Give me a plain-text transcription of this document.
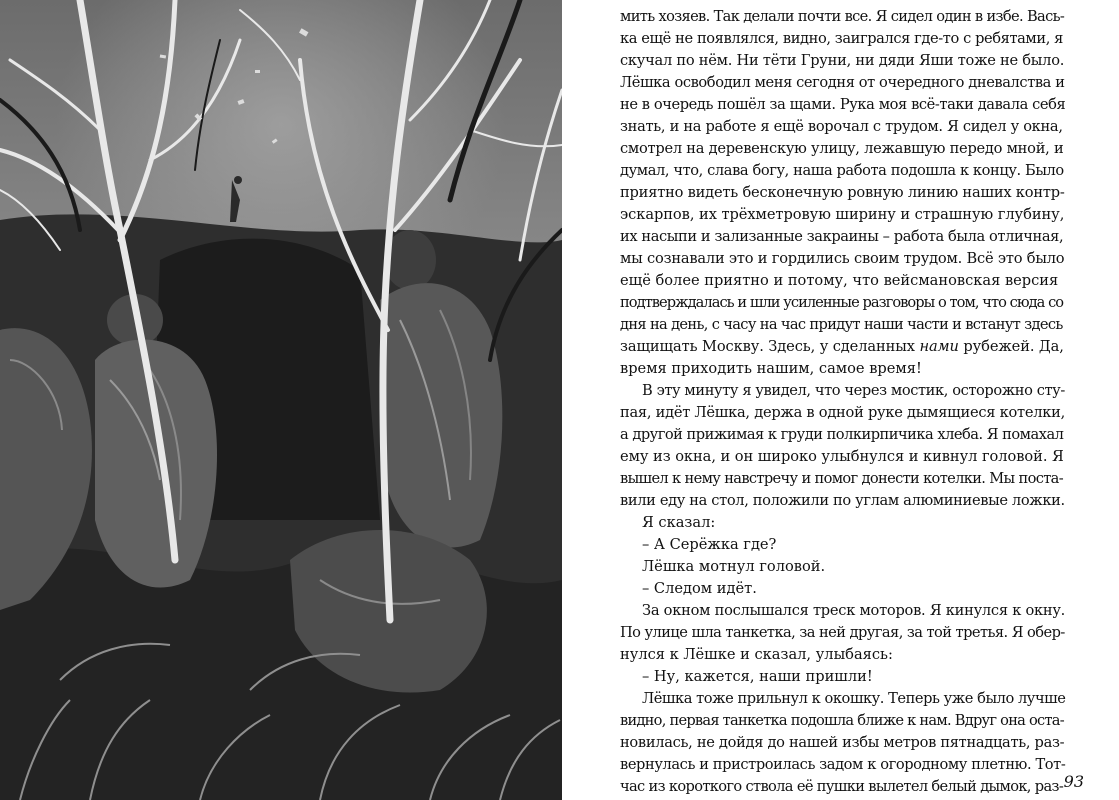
мить хозяев. Так делали почти все. Я сидел один в избе. Вась-
ка ещё не появлялся, видно, заигрался где-то с ребятами, я
скучал по нём. Ни тёти Груни, ни дяди Яши тоже не было.
Лёшка освободил меня сегодня от очередного дневалства и
не в очередь пошёл за щами. Рука моя всё-таки давала себя
знать, и на работе я ещё ворочал с трудом. Я сидел у окна,
смотрел на деревенскую улицу, лежавшую передо мной, и
думал, что, слава богу, наша работа подошла к концу. Было
приятно видеть бесконечную ровную линию наших контр-
эскарпов, их трёхметровую ширину и страшную глубину,
их насыпи и зализанные закраины – работа была отличная,
мы сознавали это и гордились своим трудом. Всё это было
ещё более приятно и потому, что вейсмановская версия
подтверждалась и шли усиленные разговоры о том, что сюда со
дня на день, с часу на час придут наши части и встанут здесь
защищать Москву. Здесь, у сделанных нами рубежей. Да,
время приходить нашим, самое время!
В эту минуту я увидел, что через мостик, осторожно сту-
пая, идёт Лёшка, держа в одной руке дымящиеся котелки,
а другой прижимая к груди полкирпичика хлеба. Я помахал
ему из окна, и он широко улыбнулся и кивнул головой. Я
вышел к нему навстречу и помог донести котелки. Мы поста-
вили еду на стол, положили по углам алюминиевые ложки.
Я сказал:
– А Серёжка где?
Лёшка мотнул головой.
– Следом идёт.
За окном послышался треск моторов. Я кинулся к окну.
По улице шла танкетка, за ней другая, за той третья. Я обер-
нулся к Лёшке и сказал, улыбаясь:
– Ну, кажется, наши пришли!
Лёшка тоже прильнул к окошку. Теперь уже было лучше
видно, первая танкетка подошла ближе к нам. Вдруг она оста-
новилась, не дойдя до нашей избы метров пятнадцать, раз-
вернулась и пристроилась задом к огородному плетню. Тот-
час из короткого ствола её пушки вылетел белый дымок, раз- 93
